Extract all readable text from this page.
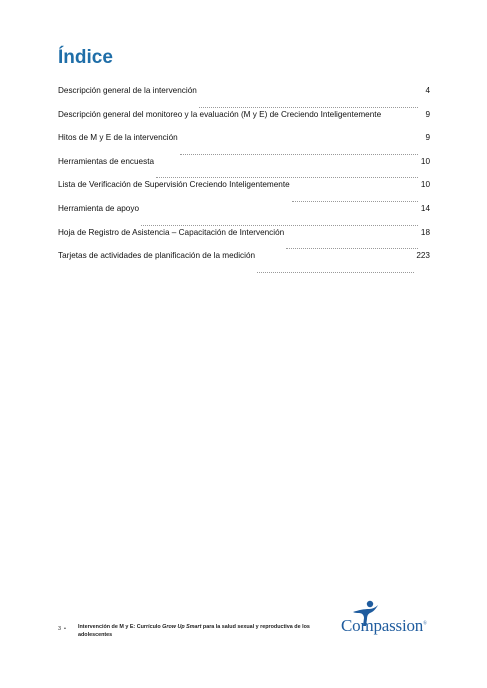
Índice
Descripción general de la intervención	4
Descripción general del monitoreo y la evaluación (M y E) de Creciendo Inteligentemente	9
Hitos de M y E de la intervención	9
Herramientas de encuesta	10
Lista de Verificación de Supervisión Creciendo Inteligentemente	10
Herramienta de apoyo	14
Hoja de Registro de Asistencia – Capacitación de Intervención	18
Tarjetas de actividades de planificación de la medición	223
3 • Intervención de M y E: Currículo Grow Up Smart para la salud sexual y reproductiva de los adolescentes	Compassion®
